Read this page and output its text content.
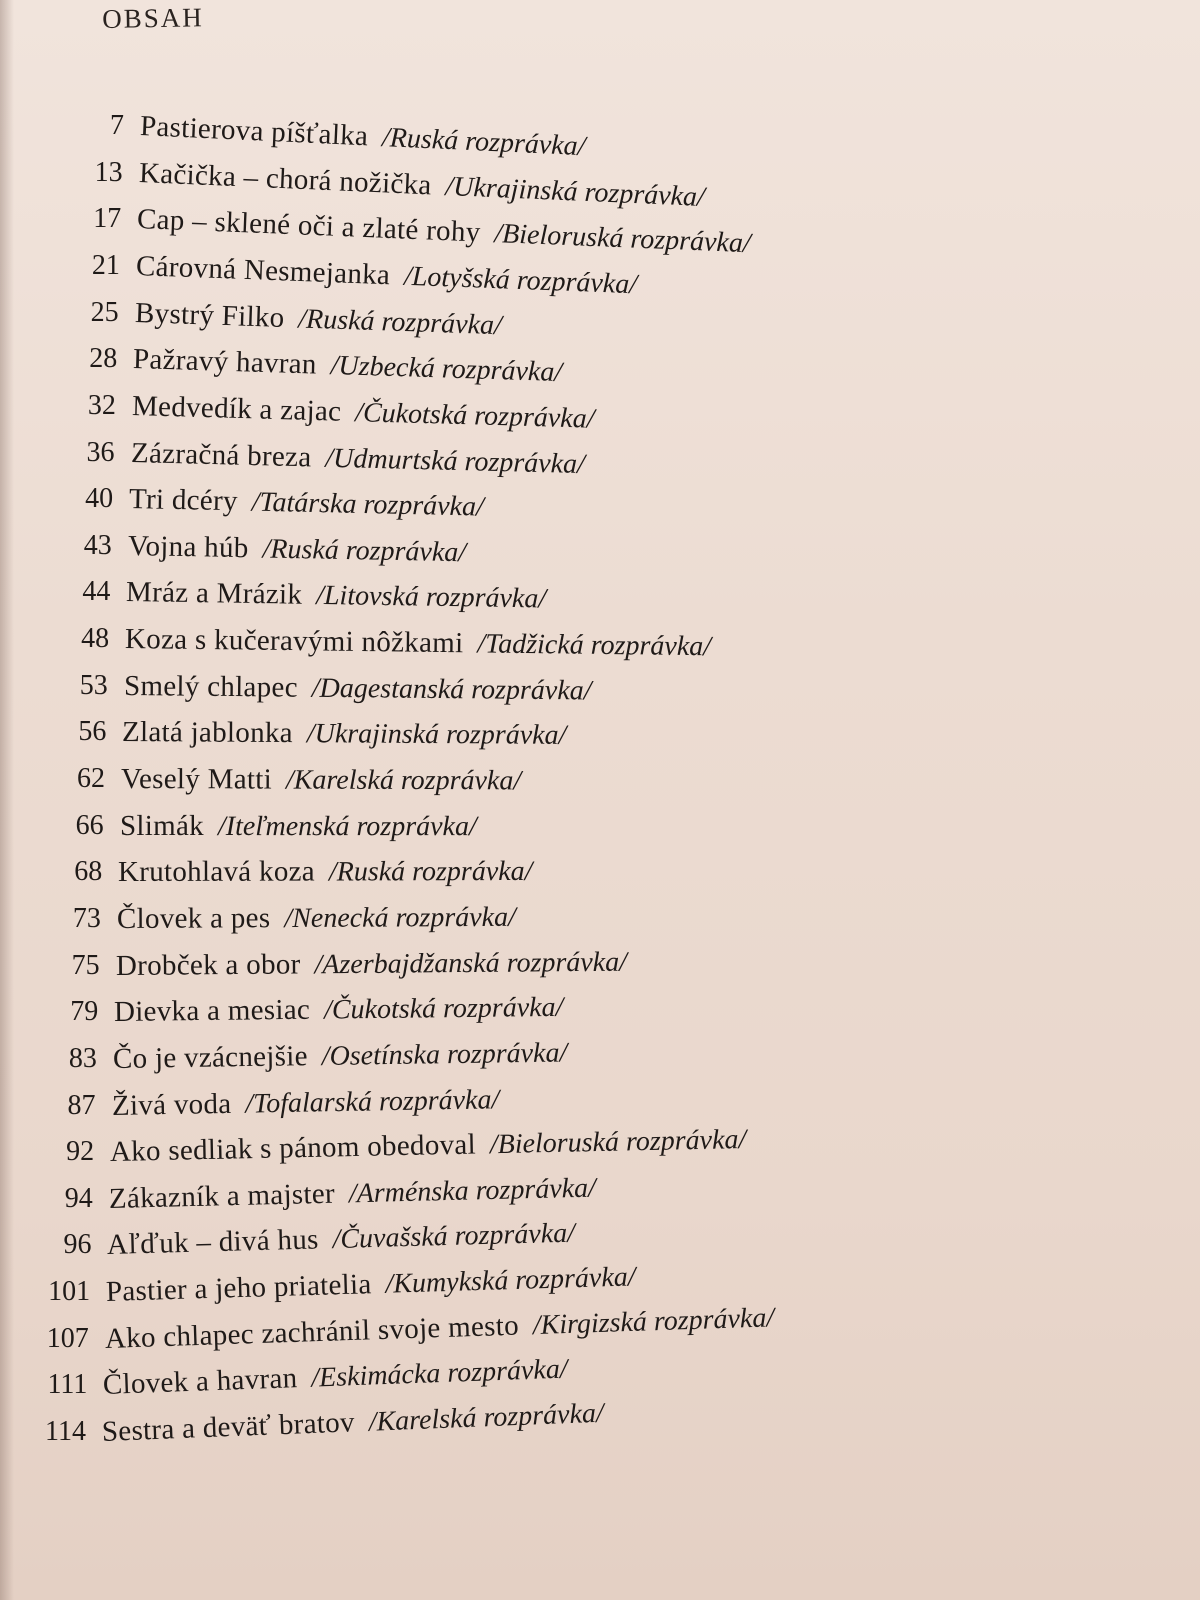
OBSAH
7 Pastierova píšťalka /Ruská rozprávka/
13 Kačička – chorá nožička /Ukrajinská rozprávka/
17 Cap – sklené oči a zlaté rohy /Bieloruská rozprávka/
21 Cárovná Nesmejanka /Lotyšská rozprávka/
25 Bystrý Filko /Ruská rozprávka/
28 Pažravý havran /Uzbecká rozprávka/
32 Medvedík a zajac /Čukotská rozprávka/
36 Zázračná breza /Udmurtská rozprávka/
40 Tri dcéry /Tatárska rozprávka/
43 Vojna húb /Ruská rozprávka/
44 Mráz a Mrázik /Litovská rozprávka/
48 Koza s kučeravými nôžkami /Tadžická rozprávka/
53 Smelý chlapec /Dagestanská rozprávka/
56 Zlatá jablonka /Ukrajinská rozprávka/
62 Veselý Matti /Karelská rozprávka/
66 Slimák /Iteľmenská rozprávka/
68 Krutohlavá koza /Ruská rozprávka/
73 Človek a pes /Nenecká rozprávka/
75 Drobček a obor /Azerbajdžanská rozprávka/
79 Dievka a mesiac /Čukotská rozprávka/
83 Čo je vzácnejšie /Osetínska rozprávka/
87 Živá voda /Tofalarská rozprávka/
92 Ako sedliak s pánom obedoval /Bieloruská rozprávka/
94 Zákazník a majster /Arménska rozprávka/
96 Aľďuk – divá hus /Čuvašská rozprávka/
101 Pastier a jeho priatelia /Kumykská rozprávka/
107 Ako chlapec zachránil svoje mesto /Kirgizská rozprávka/
111 Človek a havran /Eskimácka rozprávka/
114 Sestra a deväť bratov /Karelská rozprávka/
